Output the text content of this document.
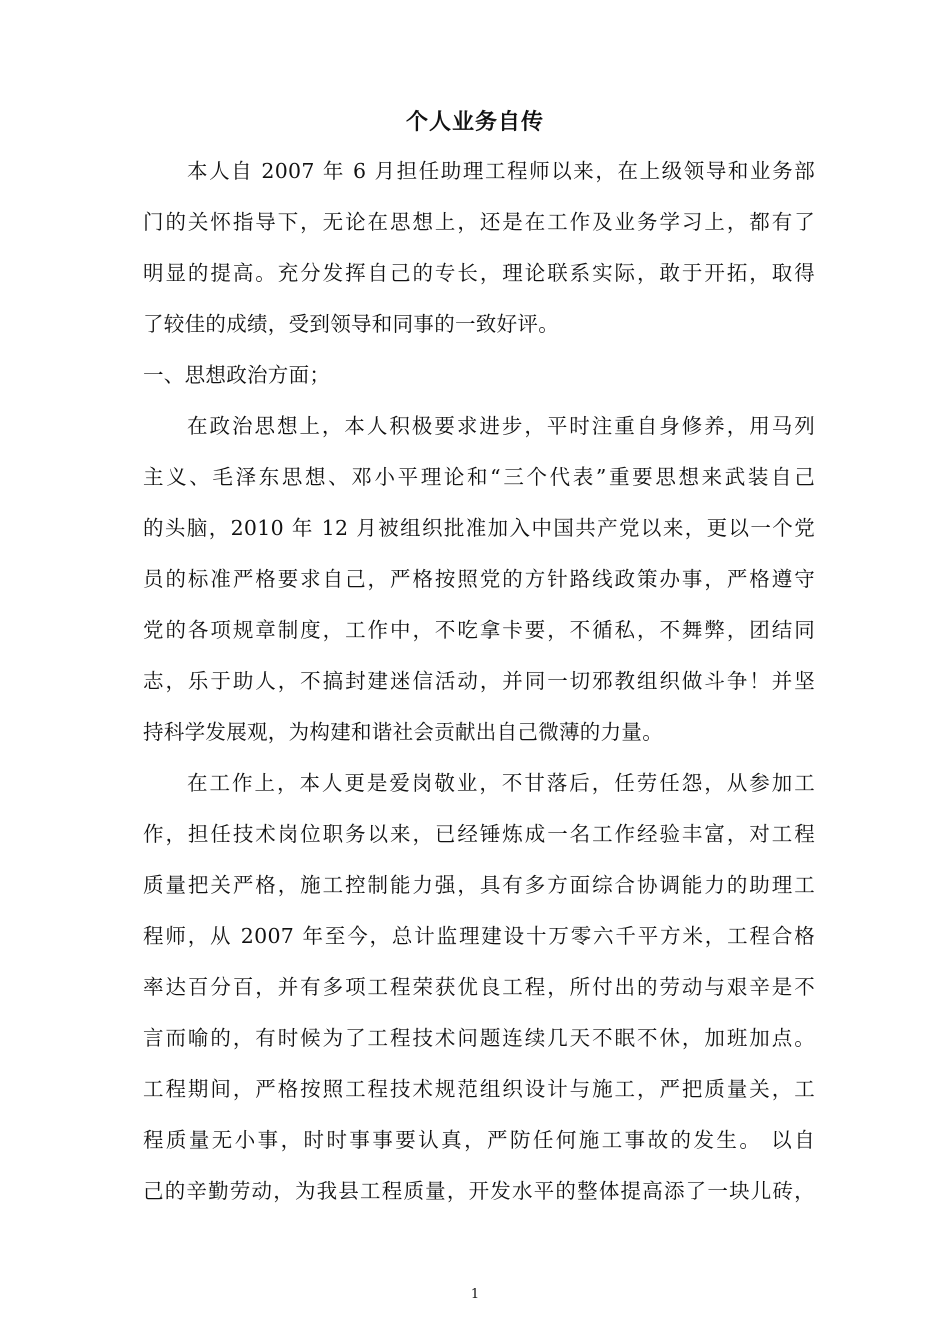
个人业务自传
本人自 2007 年 6 月担任助理工程师以来，在上级领导和业务部
门的关怀指导下，无论在思想上，还是在工作及业务学习上，都有了
明显的提高。充分发挥自己的专长，理论联系实际，敢于开拓，取得
了较佳的成绩，受到领导和同事的一致好评。
一、思想政治方面；
在政治思想上，本人积极要求进步，平时注重自身修养，用马列
主义、毛泽东思想、邓小平理论和“三个代表”重要思想来武装自己
的头脑，2010 年 12 月被组织批准加入中国共产党以来，更以一个党
员的标准严格要求自己，严格按照党的方针路线政策办事，严格遵守
党的各项规章制度，工作中，不吃拿卡要，不循私，不舞弊，团结同
志，乐于助人，不搞封建迷信活动，并同一切邪教组织做斗争！并坚
持科学发展观，为构建和谐社会贡献出自己微薄的力量。
在工作上，本人更是爱岗敬业，不甘落后，任劳任怨，从参加工
作，担任技术岗位职务以来，已经锤炼成一名工作经验丰富，对工程
质量把关严格，施工控制能力强，具有多方面综合协调能力的助理工
程师，从 2007 年至今，总计监理建设十万零六千平方米，工程合格
率达百分百，并有多项工程荣获优良工程，所付出的劳动与艰辛是不
言而喻的，有时候为了工程技术问题连续几天不眠不休，加班加点。
工程期间，严格按照工程技术规范组织设计与施工，严把质量关，工
程质量无小事，时时事事要认真，严防任何施工事故的发生。 以自
己的辛勤劳动，为我县工程质量，开发水平的整体提高添了一块儿砖，
1
